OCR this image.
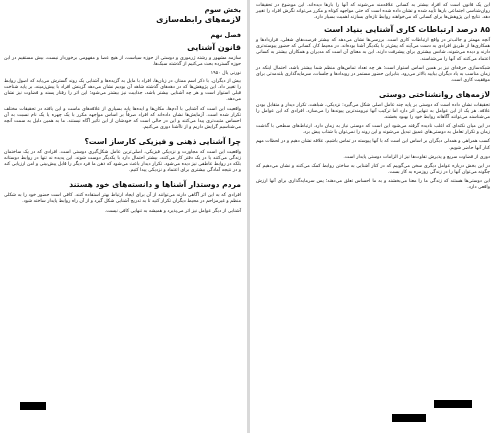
بخش سوم
لازمه‌های رابطه‌سازی
فصل نهم
قانون آشنایی

سازمه مشهور و رشته ژرموری و دوستی از حوزه سیاست، از هیچ عصا و مفهومی برخوردار نیست، بیش مستقیم در این حوزه گسترده بحث می‌کنیم از گذشته سبک‌ها.

نورنی یال ۱۹۵۰

بیش از دیگران. با ذکر اسم ممتاز، در زبان‌ها، افراد با مایل به گزیده‌ها و آشنایی یک روند گسترش می‌یابد که اصول روابط را تغییر داد. این پژوهش‌ها که در دهه‌های گذشته شاهد آن بودیم نشان می‌دهد گزینش افراد با پیش‌زمینه، بر پایه شناخت قبلی استوار است و هر چه آشنایی بیشتر باشد، جذابیت نیز بیشتر می‌شود؛ این اثر را رفتار پسند و قضاوت نیز نشان می‌دهد.

واقعیت این است که آشنایی با آدم‌ها، مکان‌ها و ایده‌ها پایه بسیاری از علاقه‌های ماست و این یافته در تحقیقات مختلف تکرار شده است. آزمایش‌ها نشان داده‌اند که افراد صرفاً بر اساس مواجهه مکرر با یک چهره یا یک نام نسبت به آن احساس مثبت‌تری پیدا می‌کنند و این در حالی است که خودشان از این تأثیر آگاه نیستند. ما به همین دلیل به سمت آنچه می‌شناسیم گرایش داریم و از ناآشنا دوری می‌کنیم.

چرا آشنایی ذهنی و فیزیکی کارساز است؟

واقعیت این است که مجاورت و نزدیکی فیزیکی، اصلی‌ترین عامل شکل‌گیری دوستی است. افرادی که در یک ساختمان زندگی می‌کنند یا در یک دفتر کار می‌کنند، بیشتر احتمال دارد با یکدیگر دوست شوند. این پدیده نه تنها در روابط دوستانه بلکه در روابط عاطفی نیز دیده می‌شود. تکرار دیدار باعث می‌شود که ذهن ما فرد دیگر را قابل پیش‌بینی و امن ارزیابی کند و در نتیجه آمادگی بیشتری برای اعتماد و نزدیکی پیدا کنیم.

مردم دوستدار آشناها و دانسته‌های خود هستند

افرادی که به این اثر آگاهی دارند می‌توانند از آن برای ایجاد ارتباط بهتر استفاده کنند. کافی است حضور خود را به شکلی منظم و غیرمزاحم در محیط دیگران تکرار کنید تا به تدریج آشنایی شکل گیرد و از آن راه روابط پایدار ساخته شود.

آشنایی از دیگر عوامل نیز اثر می‌پذیرد و همیشه به تنهایی کافی نیست.

این یک قانون است که افراد بیشتر به کسانی علاقه‌مند می‌شوند که آنها را بارها دیده‌اند. این موضوع در تحقیقات روان‌شناسی اجتماعی بارها تأیید شده و نشان داده شده است که حتی مواجهه کوتاه و مکرر می‌تواند نگرش افراد را تغییر دهد. نتایج این پژوهش‌ها برای کسانی که می‌خواهند روابط تازه‌ای بسازند اهمیت بسیار دارد.

۸۵ درصد ارتباطات کاری آشنایی بنیاد است

آنچه مهمتر و جالب‌تر در واقع ارتباطات کاری است. بررسی‌ها نشان می‌دهد که بیشتر فرصت‌های شغلی، قراردادها و همکاری‌ها از طریق افرادی به دست می‌آیند که پیش‌تر با یکدیگر آشنا بوده‌اند. در محیط کار، کسانی که حضور پیوسته‌تری دارند و دیده می‌شوند، شانس بیشتری برای پیشرفت دارند. این به معنای آن است که مدیران و همکاران بیشتر به کسانی اعتماد می‌کنند که آنها را می‌شناسند.

شبکه‌سازی حرفه‌ای نیز بر همین اساس استوار است؛ هر چه تعداد تماس‌های منظم شما بیشتر باشد، احتمال اینکه در زمان مناسب به یاد دیگران بیایید بالاتر می‌رود. بنابراین حضور مستمر در رویدادها و جلسات، سرمایه‌گذاری بلندمدتی برای موفقیت کاری است.

لازمه‌های روانشناختی دوستی

تحقیقات نشان داده است که دوستی بر پایه چند عامل اصلی شکل می‌گیرد: نزدیکی، شباهت، تکرار دیدار و متقابل بودن علاقه. هر یک از این عوامل به تنهایی اثر دارد اما ترکیب آنها نیرومندترین پیوندها را می‌سازد. افرادی که این عوامل را می‌شناسند می‌توانند آگاهانه روابط خود را بهبود بخشند.

در این میان نکته‌ای که اغلب نادیده گرفته می‌شود این است که دوستی نیاز به زمان دارد. ارتباط‌های سطحی با گذشت زمان و تکرار تعامل به دوستی‌های عمیق تبدیل می‌شوند و این روند را نمی‌توان با شتاب پیش برد.

کسب همراهی و همدلی دیگران بر اساس این است که با آنها پیوسته در تماس باشیم، علاقه نشان دهیم و در لحظات مهم کنار آنها حاضر شویم.

دوری از قضاوت سریع و پذیرش تفاوت‌ها نیز از الزامات دوستی پایدار است.

در این بخش درباره عوامل دیگری سخن می‌گوییم که در کنار آشنایی به ساختن روابط کمک می‌کنند و نشان می‌دهیم که چگونه می‌توان آنها را در زندگی روزمره به کار بست.

این دوستی‌ها هستند که زندگی ما را معنا می‌بخشند و به ما احساس تعلق می‌دهند؛ پس سرمایه‌گذاری برای آنها ارزش واقعی دارد.
